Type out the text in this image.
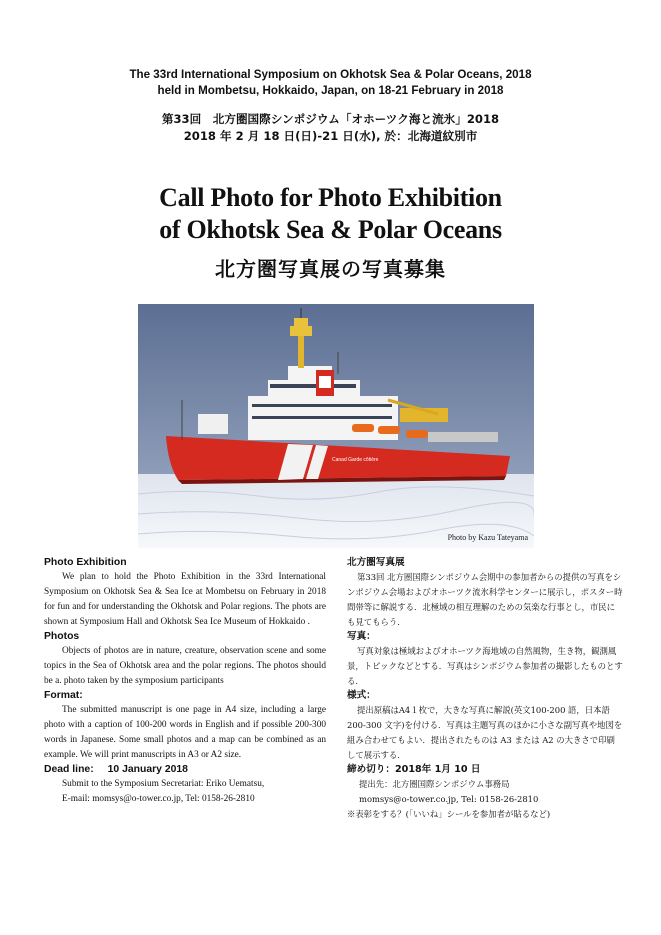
The 33rd International Symposium on Okhotsk Sea & Polar Oceans, 2018
held in Mombetsu, Hokkaido, Japan, on 18-21 February in 2018
第33回　北方圏国際シンポジウム「オホーツク海と流氷」2018
2018 年 2 月 18 日(日)-21 日(水), 於：北海道紋別市
Call Photo for Photo Exhibition
of Okhotsk Sea & Polar Oceans
北方圏写真展の写真募集
Canad Garde côtière
Photo by Kazu Tateyama
Photo Exhibition

We plan to hold the Photo Exhibition in the 33rd International Symposium on Okhotsk Sea & Sea Ice at Mombetsu on February in 2018 for fun and for understanding the Okhotsk and Polar regions. The phots are shown at Symposium Hall and Okhotsk Sea Ice Museum of Hokkaido .

Photos

Objects of photos are in nature, creature, observation scene and some topics in the Sea of Okhotsk area and the polar regions. The photos should be a. photo taken by the symposium participants

Format:

The submitted manuscript is one page in A4 size, including a large photo with a caption of 100-200 words in English and if possible 200-300 words in Japanese. Some small photos and a map can be combined as an example. We will print manuscripts in A3 or A2 size.

Dead line: 10 January 2018

Submit to the Symposium Secretariat: Eriko Uematsu,

E-mail: momsys@o-tower.co.jp, Tel: 0158-26-2810

北方圏写真展

第33回 北方圏国際シンポジウム会期中の参加者からの提供の写真をシンポジウム会場およびオホーツク流氷科学センターに展示し，ポスター時間帯等に解説する．北極域の相互理解のための気楽な行事とし，市民にも見てもらう．

写真：

写真対象は極域およびオホーツク海地域の自然風物，生き物，観測風景，トピックなどとする．写真はシンポジウム参加者の撮影したものとする．

様式：

提出原稿はA4１枚で，大きな写真に解説(英文100-200 語，日本語 200-300 文字)を付ける．写真は主題写真のほかに小さな副写真や地図を組み合わせてもよい．提出されたものは A3 または A2 の大きさで印刷して展示する．

締め切り：2018年 1月 10 日

提出先：北方圏国際シンポジウム事務局

momsys@o-tower.co.jp, Tel: 0158-26-2810

※表彰をする？(「いいね」シールを参加者が貼るなど)
